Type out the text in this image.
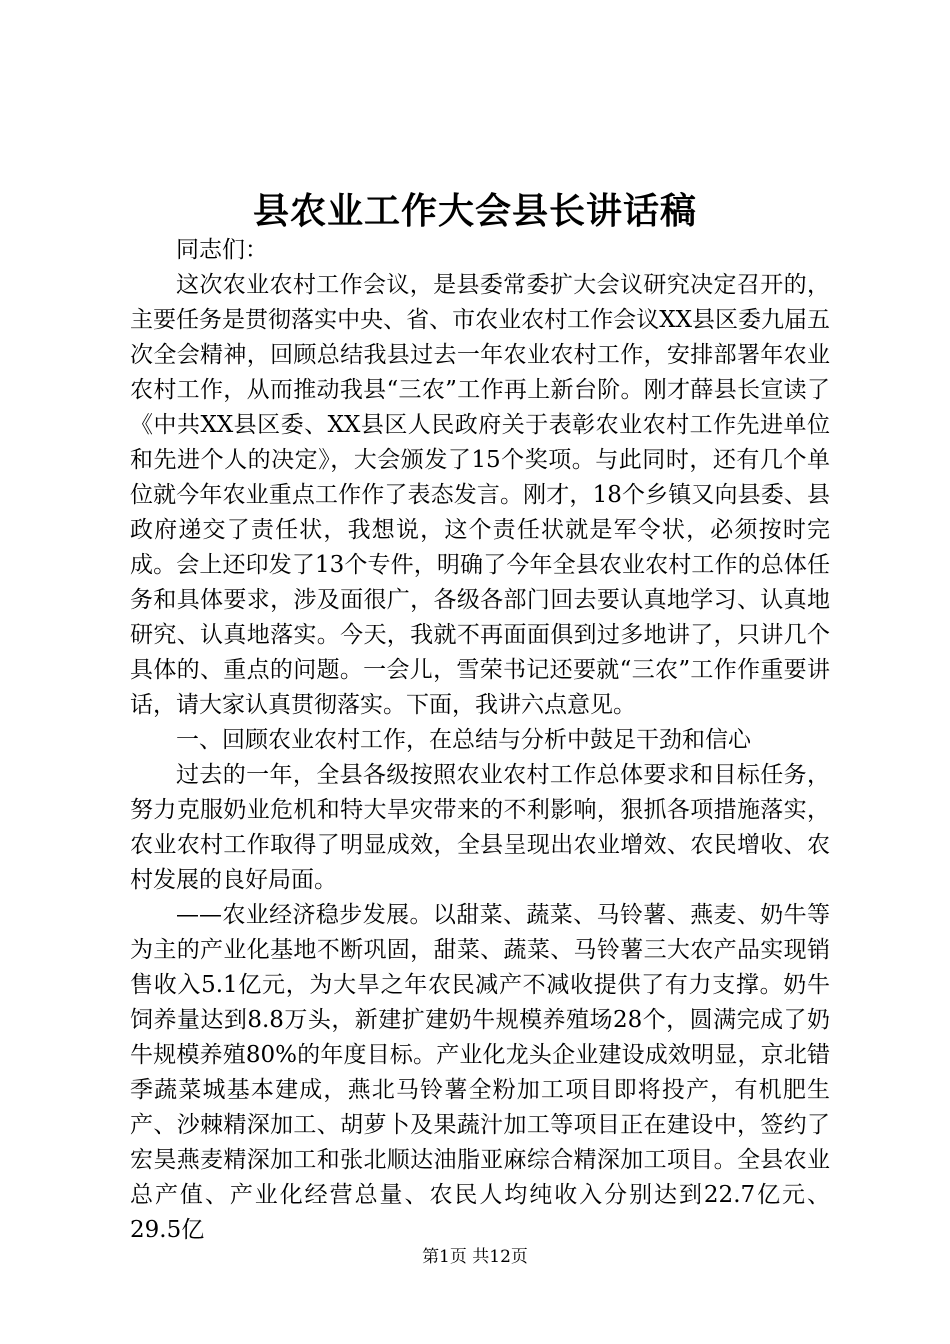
县农业工作大会县长讲话稿

同志们：

这次农业农村工作会议，是县委常委扩大会议研究决定召开的，主要任务是贯彻落实中央、省、市农业农村工作会议XX县区委九届五次全会精神，回顾总结我县过去一年农业农村工作，安排部署年农业农村工作，从而推动我县“三农”工作再上新台阶。刚才薛县长宣读了《中共XX县区委、XX县区人民政府关于表彰农业农村工作先进单位和先进个人的决定》，大会颁发了15个奖项。与此同时，还有几个单位就今年农业重点工作作了表态发言。刚才，18个乡镇又向县委、县政府递交了责任状，我想说，这个责任状就是军令状，必须按时完成。会上还印发了13个专件，明确了今年全县农业农村工作的总体任务和具体要求，涉及面很广，各级各部门回去要认真地学习、认真地研究、认真地落实。今天，我就不再面面俱到过多地讲了，只讲几个具体的、重点的问题。一会儿，雪荣书记还要就“三农”工作作重要讲话，请大家认真贯彻落实。下面，我讲六点意见。

一、回顾农业农村工作，在总结与分析中鼓足干劲和信心

过去的一年，全县各级按照农业农村工作总体要求和目标任务，努力克服奶业危机和特大旱灾带来的不利影响，狠抓各项措施落实，农业农村工作取得了明显成效，全县呈现出农业增效、农民增收、农村发展的良好局面。

——农业经济稳步发展。以甜菜、蔬菜、马铃薯、燕麦、奶牛等为主的产业化基地不断巩固，甜菜、蔬菜、马铃薯三大农产品实现销售收入5.1亿元，为大旱之年农民减产不减收提供了有力支撑。奶牛饲养量达到8.8万头，新建扩建奶牛规模养殖场28个，圆满完成了奶牛规模养殖80%的年度目标。产业化龙头企业建设成效明显，京北错季蔬菜城基本建成，燕北马铃薯全粉加工项目即将投产，有机肥生产、沙棘精深加工、胡萝卜及果蔬汁加工等项目正在建设中，签约了宏昊燕麦精深加工和张北顺达油脂亚麻综合精深加工项目。全县农业总产值、产业化经营总量、农民人均纯收入分别达到22.7亿元、29.5亿

第1页 共12页
